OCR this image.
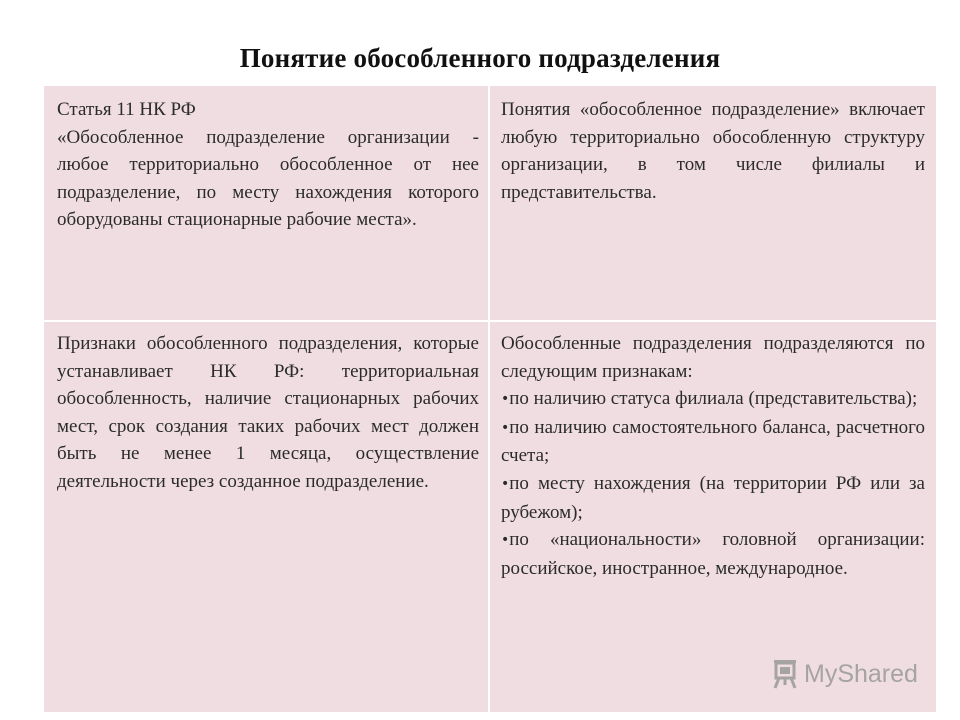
Понятие обособленного подразделения

Статья 11 НК РФ

«Обособленное подразделение организации - любое территориально обособленное от нее подразделение, по месту нахождения которого оборудованы стационарные рабочие места».

Понятия «обособленное подразделение» включает любую территориально обособленную структуру организации, в том числе филиалы и представительства.

Признаки обособленного подразделения, которые устанавливает НК РФ: территориальная обособленность, наличие стационарных рабочих мест, срок создания таких рабочих мест должен быть не менее 1 месяца, осуществление деятельности через созданное подразделение.

Обособленные подразделения подразделяются по следующим признакам:

•по наличию статуса филиала (представительства);
•по наличию самостоятельного баланса, расчетного счета;
•по месту нахождения (на территории РФ или за рубежом);
•по «национальности» головной организации: российское, иностранное, международное.
MyShared
